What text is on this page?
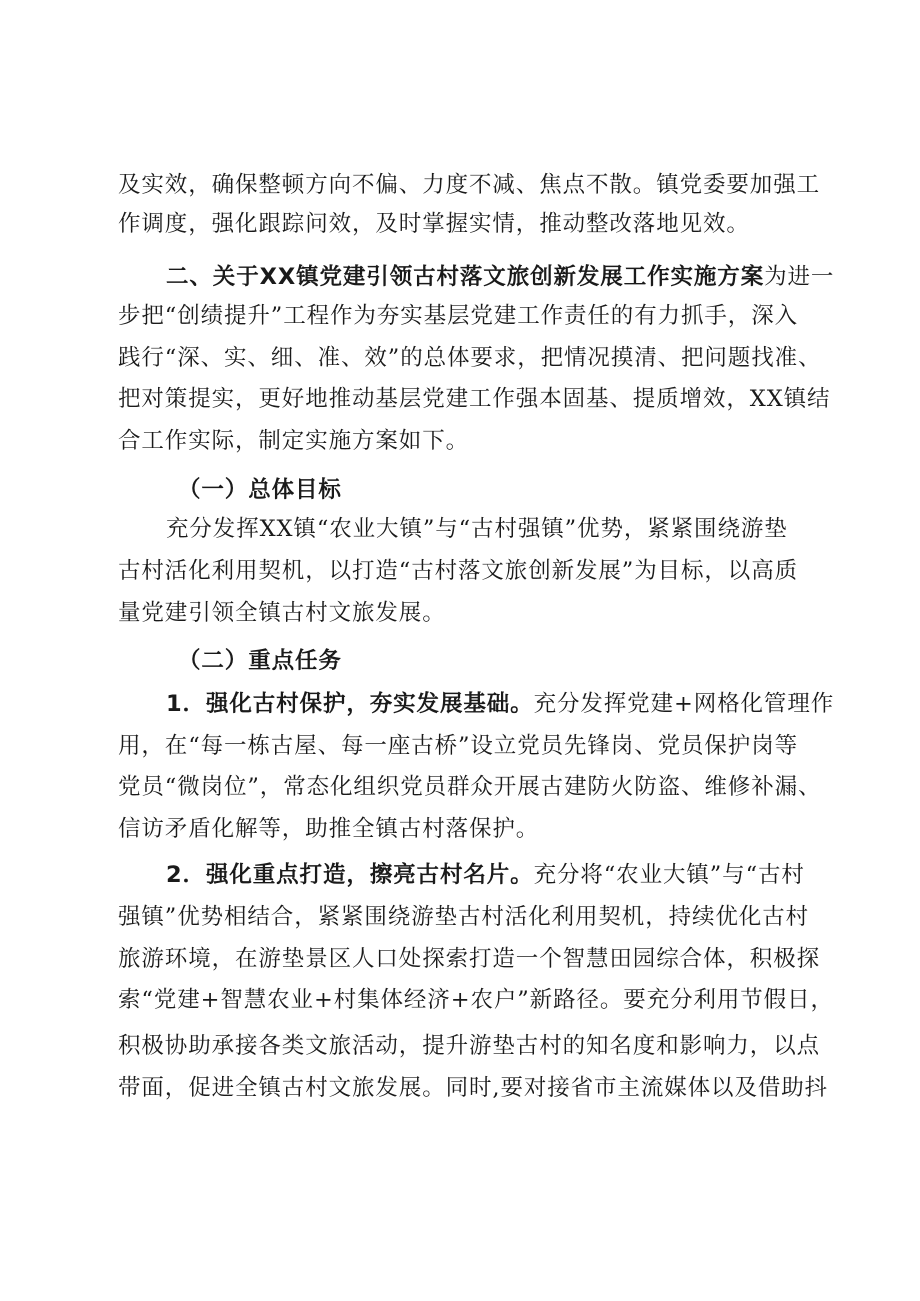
及实效，确保整顿方向不偏、力度不减、焦点不散。镇党委要加强工
作调度，强化跟踪问效，及时掌握实情，推动整改落地见效。
二、关于XX镇党建引领古村落文旅创新发展工作实施方案为进一
步把“创绩提升”工程作为夯实基层党建工作责任的有力抓手，深入
践行“深、实、细、准、效”的总体要求，把情况摸清、把问题找准、
把对策提实，更好地推动基层党建工作强本固基、提质增效，XX镇结
合工作实际，制定实施方案如下。
（一）总体目标
充分发挥XX镇“农业大镇”与“古村强镇”优势，紧紧围绕游垫
古村活化利用契机，以打造“古村落文旅创新发展”为目标，以高质
量党建引领全镇古村文旅发展。
（二）重点任务
1．强化古村保护，夯实发展基础。充分发挥党建+网格化管理作
用，在“每一栋古屋、每一座古桥”设立党员先锋岗、党员保护岗等
党员“微岗位”，常态化组织党员群众开展古建防火防盗、维修补漏、
信访矛盾化解等，助推全镇古村落保护。
2．强化重点打造，擦亮古村名片。充分将“农业大镇”与“古村
强镇”优势相结合，紧紧围绕游垫古村活化利用契机，持续优化古村
旅游环境，在游垫景区人口处探索打造一个智慧田园综合体，积极探
索“党建+智慧农业+村集体经济+农户”新路径。要充分利用节假日，
积极协助承接各类文旅活动，提升游垫古村的知名度和影响力，以点
带面，促进全镇古村文旅发展。同时,要对接省市主流媒体以及借助抖
